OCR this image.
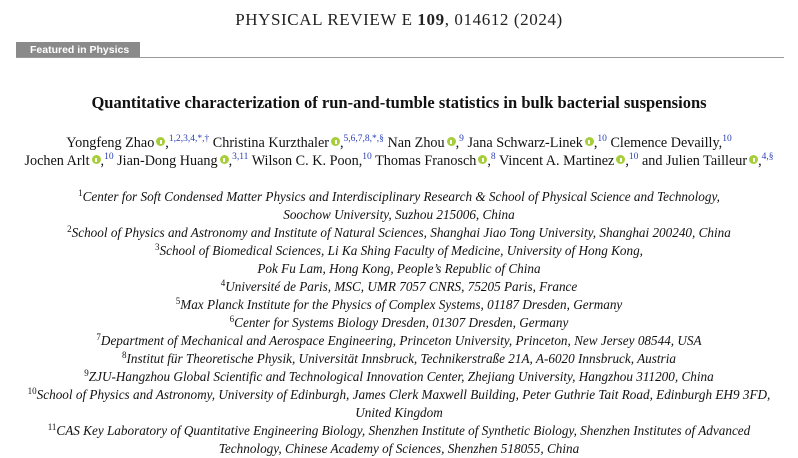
PHYSICAL REVIEW E 109, 014612 (2024)
Featured in Physics
Quantitative characterization of run-and-tumble statistics in bulk bacterial suspensions
Yongfeng Zhao ,$^{1,2,3,4,*,\dagger}$ Christina Kurzthaler ,$^{5,6,7,8,*,\S}$ Nan Zhou ,$^9$ Jana Schwarz-Linek ,$^{10}$ Clemence Devailly,$^{10}$ Jochen Arlt ,$^{10}$ Jian-Dong Huang ,$^{3,11}$ Wilson C. K. Poon,$^{10}$ Thomas Franosch ,$^8$ Vincent A. Martinez ,$^{10}$ and Julien Tailleur ,$^{4,\S}$
$^1$Center for Soft Condensed Matter Physics and Interdisciplinary Research & School of Physical Science and Technology,
Soochow University, Suzhou 215006, China
$^2$School of Physics and Astronomy and Institute of Natural Sciences, Shanghai Jiao Tong University, Shanghai 200240, China
$^3$School of Biomedical Sciences, Li Ka Shing Faculty of Medicine, University of Hong Kong,
Pok Fu Lam, Hong Kong, People’s Republic of China
$^4$Université de Paris, MSC, UMR 7057 CNRS, 75205 Paris, France
$^5$Max Planck Institute for the Physics of Complex Systems, 01187 Dresden, Germany
$^6$Center for Systems Biology Dresden, 01307 Dresden, Germany
$^7$Department of Mechanical and Aerospace Engineering, Princeton University, Princeton, New Jersey 08544, USA
$^8$Institut für Theoretische Physik, Universität Innsbruck, Technikerstraße 21A, A-6020 Innsbruck, Austria
$^9$ZJU-Hangzhou Global Scientific and Technological Innovation Center, Zhejiang University, Hangzhou 311200, China
$^{10}$School of Physics and Astronomy, University of Edinburgh, James Clerk Maxwell Building, Peter Guthrie Tait Road, Edinburgh EH9 3FD,
United Kingdom
$^{11}$CAS Key Laboratory of Quantitative Engineering Biology, Shenzhen Institute of Synthetic Biology, Shenzhen Institutes of Advanced
Technology, Chinese Academy of Sciences, Shenzhen 518055, China
